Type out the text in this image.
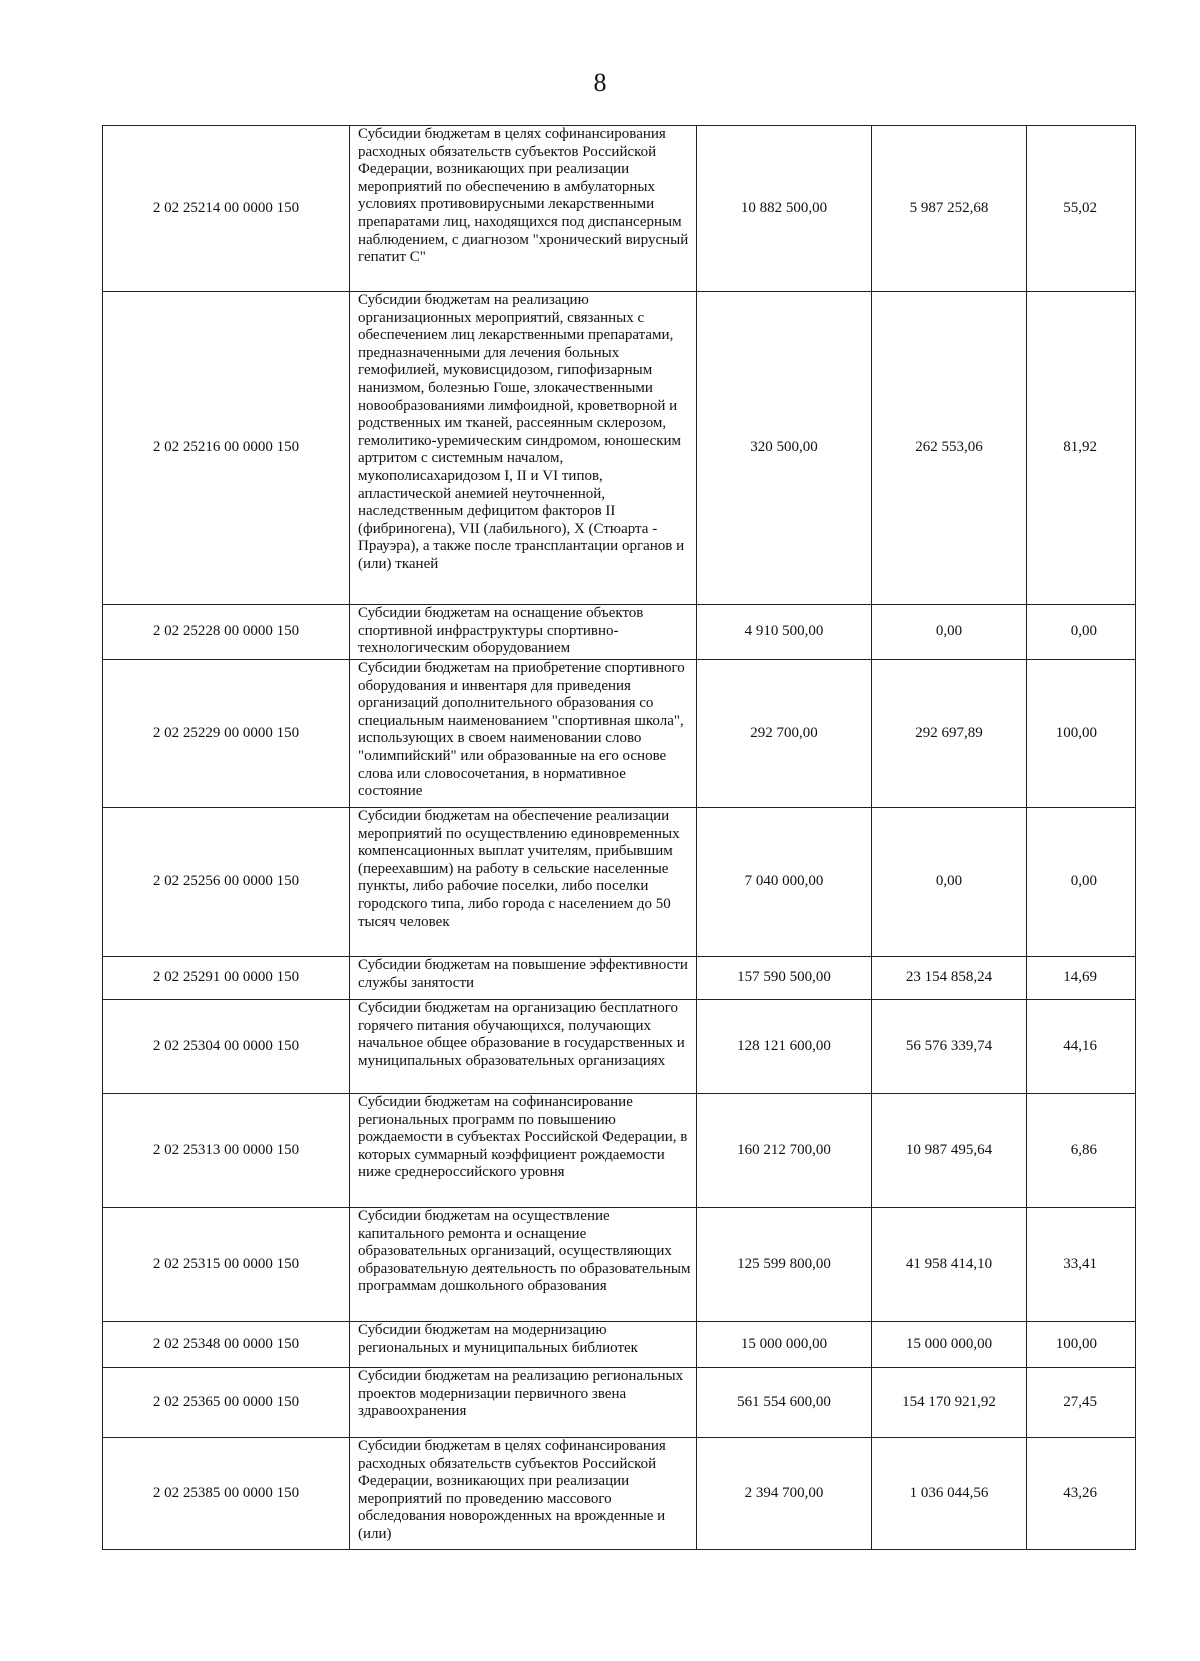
8
2 02 25214 00 0000 150	Субсидии бюджетам в целях софинансирования расходных обязательств субъектов Российской Федерации, возникающих при реализации мероприятий по обеспечению в амбулаторных условиях противовирусными лекарственными препаратами лиц, находящихся под диспансерным наблюдением, с диагнозом "хронический вирусный гепатит С"	10 882 500,00	5 987 252,68	55,02
2 02 25216 00 0000 150	Субсидии бюджетам на реализацию организационных мероприятий, связанных с обеспечением лиц лекарственными препаратами, предназначенными для лечения больных гемофилией, муковисцидозом, гипофизарным нанизмом, болезнью Гоше, злокачественными новообразованиями лимфоидной, кроветворной и родственных им тканей, рассеянным склерозом, гемолитико-уремическим синдромом, юношеским артритом с системным началом, мукополисахаридозом I, II и VI типов, апластической анемией неуточненной, наследственным дефицитом факторов II (фибриногена), VII (лабильного), X (Стюарта - Прауэра), а также после трансплантации органов и (или) тканей	320 500,00	262 553,06	81,92
2 02 25228 00 0000 150	Субсидии бюджетам на оснащение объектов спортивной инфраструктуры спортивно-технологическим оборудованием	4 910 500,00	0,00	0,00
2 02 25229 00 0000 150	Субсидии бюджетам на приобретение спортивного оборудования и инвентаря для приведения организаций дополнительного образования со специальным наименованием "спортивная школа", использующих в своем наименовании слово "олимпийский" или образованные на его основе слова или словосочетания, в нормативное состояние	292 700,00	292 697,89	100,00
2 02 25256 00 0000 150	Субсидии бюджетам на обеспечение реализации мероприятий по осуществлению единовременных компенсационных выплат учителям, прибывшим (переехавшим) на работу в сельские населенные пункты, либо рабочие поселки, либо поселки городского типа, либо города с населением до 50 тысяч человек	7 040 000,00	0,00	0,00
2 02 25291 00 0000 150	Субсидии бюджетам на повышение эффективности службы занятости	157 590 500,00	23 154 858,24	14,69
2 02 25304 00 0000 150	Субсидии бюджетам на организацию бесплатного горячего питания обучающихся, получающих начальное общее образование в государственных и муниципальных образовательных организациях	128 121 600,00	56 576 339,74	44,16
2 02 25313 00 0000 150	Субсидии бюджетам на софинансирование региональных программ по повышению рождаемости в субъектах Российской Федерации, в которых суммарный коэффициент рождаемости ниже среднероссийского уровня	160 212 700,00	10 987 495,64	6,86
2 02 25315 00 0000 150	Субсидии бюджетам на осуществление капитального ремонта и оснащение образовательных организаций, осуществляющих образовательную деятельность по образовательным программам дошкольного образования	125 599 800,00	41 958 414,10	33,41
2 02 25348 00 0000 150	Субсидии бюджетам на модернизацию региональных и муниципальных библиотек	15 000 000,00	15 000 000,00	100,00
2 02 25365 00 0000 150	Субсидии бюджетам на реализацию региональных проектов модернизации первичного звена здравоохранения	561 554 600,00	154 170 921,92	27,45
2 02 25385 00 0000 150	Субсидии бюджетам в целях софинансирования расходных обязательств субъектов Российской Федерации, возникающих при реализации мероприятий по проведению массового обследования новорожденных на врожденные и (или)	2 394 700,00	1 036 044,56	43,26
